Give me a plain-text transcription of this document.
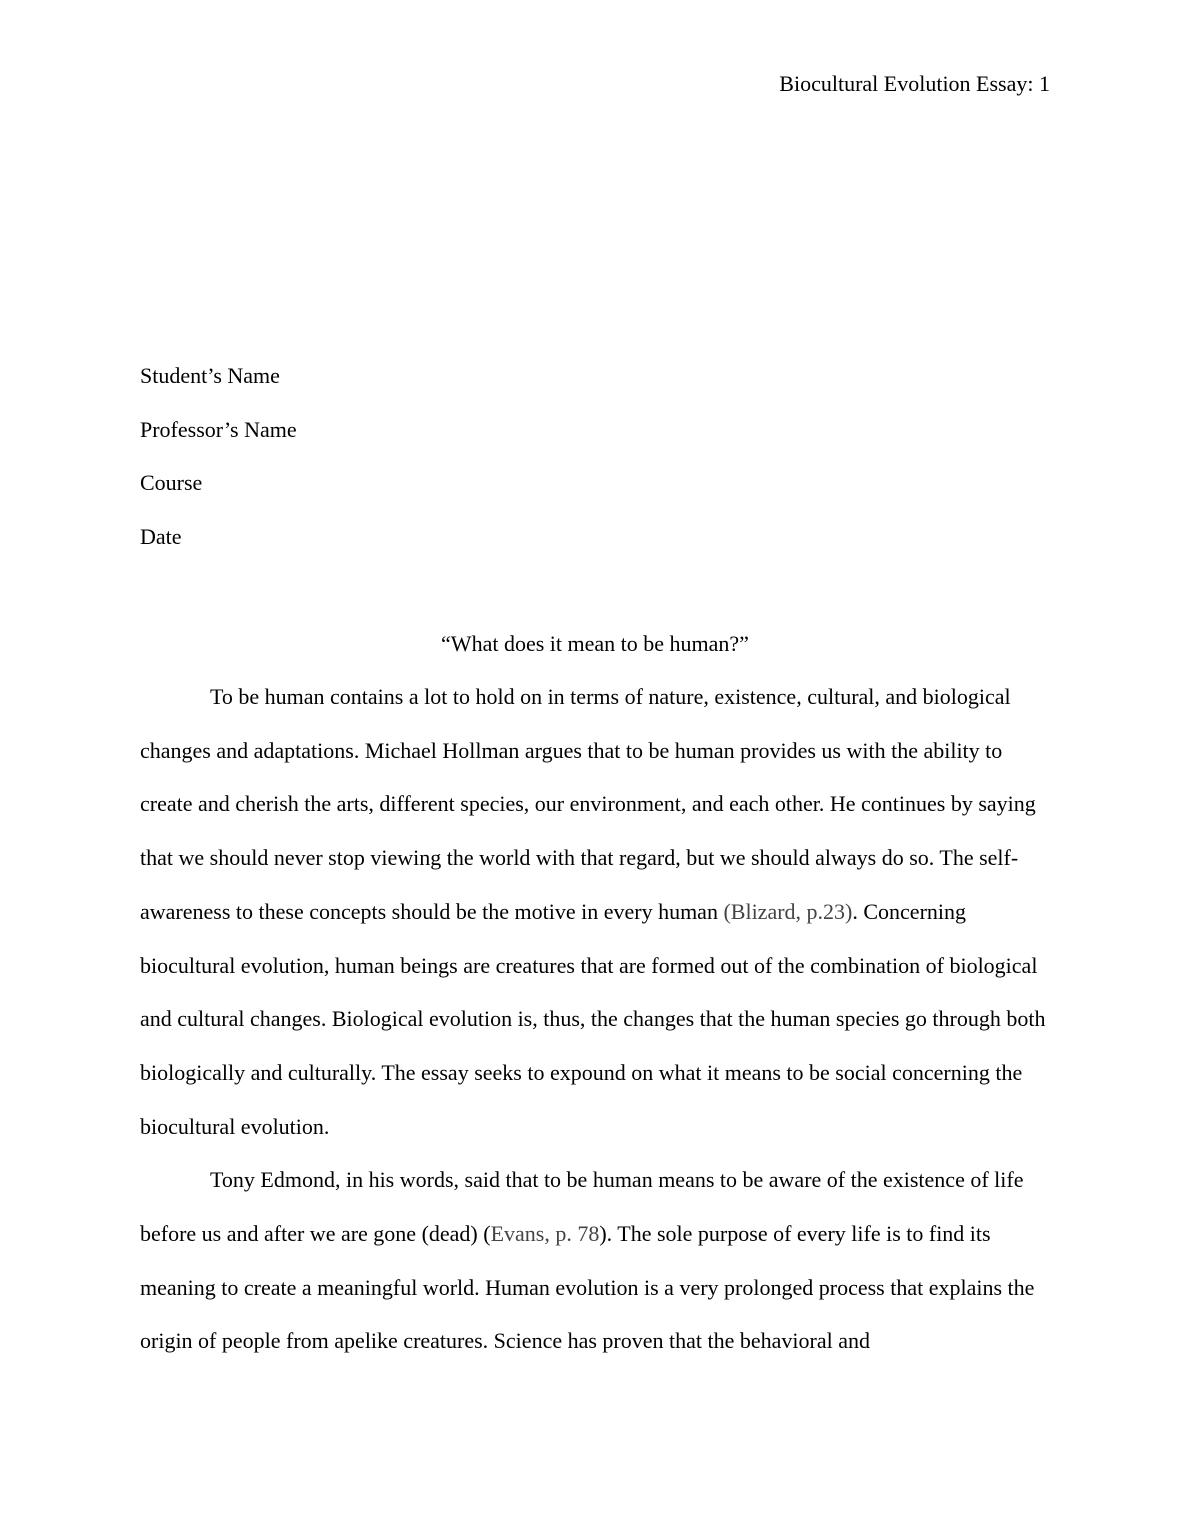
Biocultural Evolution Essay: 1
Student’s Name
Professor’s Name
Course
Date
“What does it mean to be human?”

To be human contains a lot to hold on in terms of nature, existence, cultural, and biological changes and adaptations. Michael Hollman argues that to be human provides us with the ability to create and cherish the arts, different species, our environment, and each other. He continues by saying that we should never stop viewing the world with that regard, but we should always do so. The self-awareness to these concepts should be the motive in every human (Blizard, p.23). Concerning biocultural evolution, human beings are creatures that are formed out of the combination of biological and cultural changes. Biological evolution is, thus, the changes that the human species go through both biologically and culturally. The essay seeks to expound on what it means to be social concerning the biocultural evolution.

Tony Edmond, in his words, said that to be human means to be aware of the existence of life before us and after we are gone (dead) (Evans, p. 78). The sole purpose of every life is to find its meaning to create a meaningful world. Human evolution is a very prolonged process that explains the origin of people from apelike creatures. Science has proven that the behavioral and
